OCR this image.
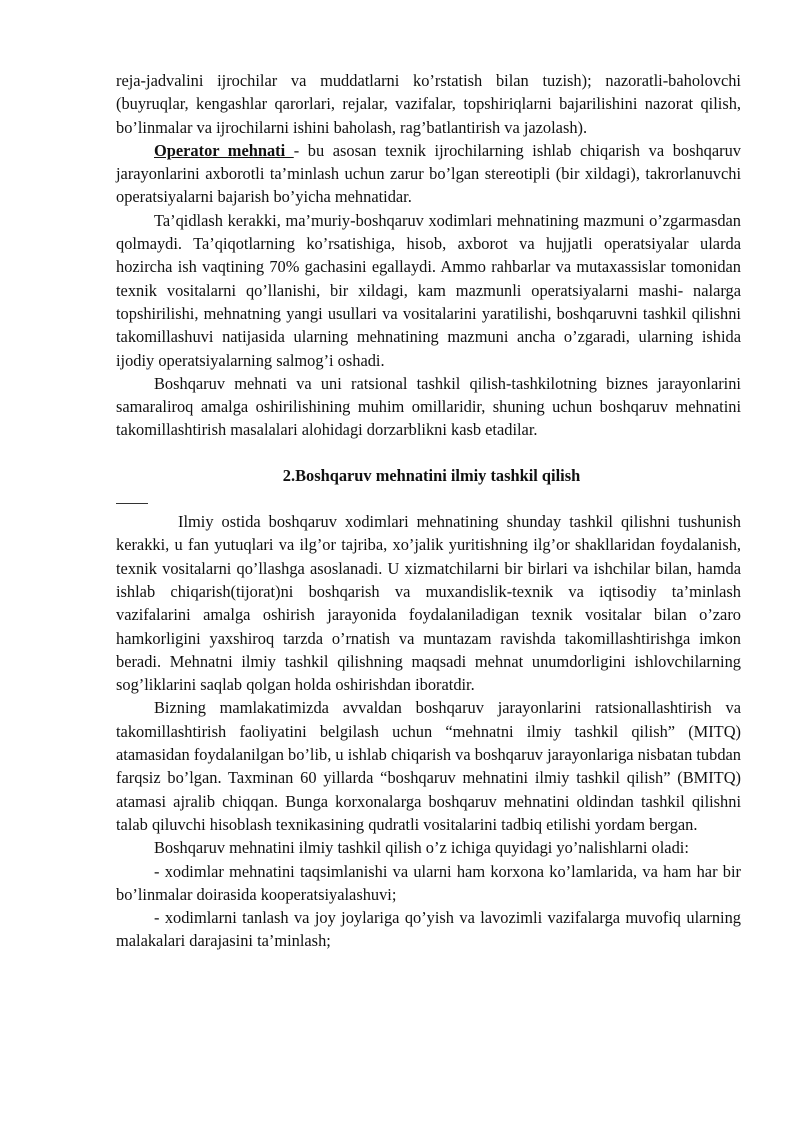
reja-jadvalini ijrochilar va muddatlarni ko’rstatish bilan tuzish); nazoratli-baholovchi (buyruqlar, kengashlar qarorlari, rejalar, vazifalar, topshiriqlarni bajarilishini nazorat qilish, bo’linmalar va ijrochilarni ishini baholash, rag’batlantirish va jazolash).

Operator mehnati - bu asosan texnik ijrochilarning ishlab chiqarish va boshqaruv jarayonlarini axborotli ta’minlash uchun zarur bo’lgan stereotipli (bir xildagi), takrorlanuvchi operatsiyalarni bajarish bo’yicha mehnatidar.

Ta’qidlash kerakki, ma’muriy-boshqaruv xodimlari mehnatining mazmuni o’zgarmasdan qolmaydi. Ta’qiqotlarning ko’rsatishiga, hisob, axborot va hujjatli operatsiyalar ularda hozircha ish vaqtining 70% gachasini egallaydi. Ammo rahbarlar va mutaxassislar tomonidan texnik vositalarni qo’llanishi, bir xildagi, kam mazmunli operatsiyalarni mashi- nalarga topshirilishi, mehnatning yangi usullari va vositalarini yaratilishi, boshqaruvni tashkil qilishni takomillashuvi natijasida ularning mehnatining mazmuni ancha o’zgaradi, ularning ishida ijodiy operatsiyalarning salmog’i oshadi.

Boshqaruv mehnati va uni ratsional tashkil qilish-tashkilotning biznes jarayonlarini samaraliroq amalga oshirilishining muhim omillaridir, shuning uchun boshqaruv mehnatini takomillashtirish masalalari alohidagi dorzarblikni kasb etadilar.

2.Boshqaruv mehnatini ilmiy tashkil qilish

Ilmiy ostida boshqaruv xodimlari mehnatining shunday tashkil qilishni tushunish kerakki, u fan yutuqlari va ilg’or tajriba, xo’jalik yuritishning ilg’or shakllaridan foydalanish, texnik vositalarni qo’llashga asoslanadi. U xizmatchilarni bir birlari va ishchilar bilan, hamda ishlab chiqarish(tijorat)ni boshqarish va muxandislik-texnik va iqtisodiy ta’minlash vazifalarini amalga oshirish jarayonida foydalaniladigan texnik vositalar bilan o’zaro hamkorligini yaxshiroq tarzda o’rnatish va muntazam ravishda takomillashtirishga imkon beradi. Mehnatni ilmiy tashkil qilishning maqsadi mehnat unumdorligini ishlovchilarning sog’liklarini saqlab qolgan holda oshirishdan iboratdir.

Bizning mamlakatimizda avvaldan boshqaruv jarayonlarini ratsionallashtirish va takomillashtirish faoliyatini belgilash uchun “mehnatni ilmiy tashkil qilish” (MITQ) atamasidan foydalanilgan bo’lib, u ishlab chiqarish va boshqaruv jarayonlariga nisbatan tubdan farqsiz bo’lgan. Taxminan 60 yillarda “boshqaruv mehnatini ilmiy tashkil qilish” (BMITQ) atamasi ajralib chiqqan. Bunga korxonalarga boshqaruv mehnatini oldindan tashkil qilishni talab qiluvchi hisoblash texnikasining qudratli vositalarini tadbiq etilishi yordam bergan.

Boshqaruv mehnatini ilmiy tashkil qilish o’z ichiga quyidagi yo’nalishlarni oladi:

- xodimlar mehnatini taqsimlanishi va ularni ham korxona ko’lamlarida, va ham har bir bo’linmalar doirasida kooperatsiyalashuvi;

- xodimlarni tanlash va joy joylariga qo’yish va lavozimli vazifalarga muvofiq ularning malakalari darajasini ta’minlash;
